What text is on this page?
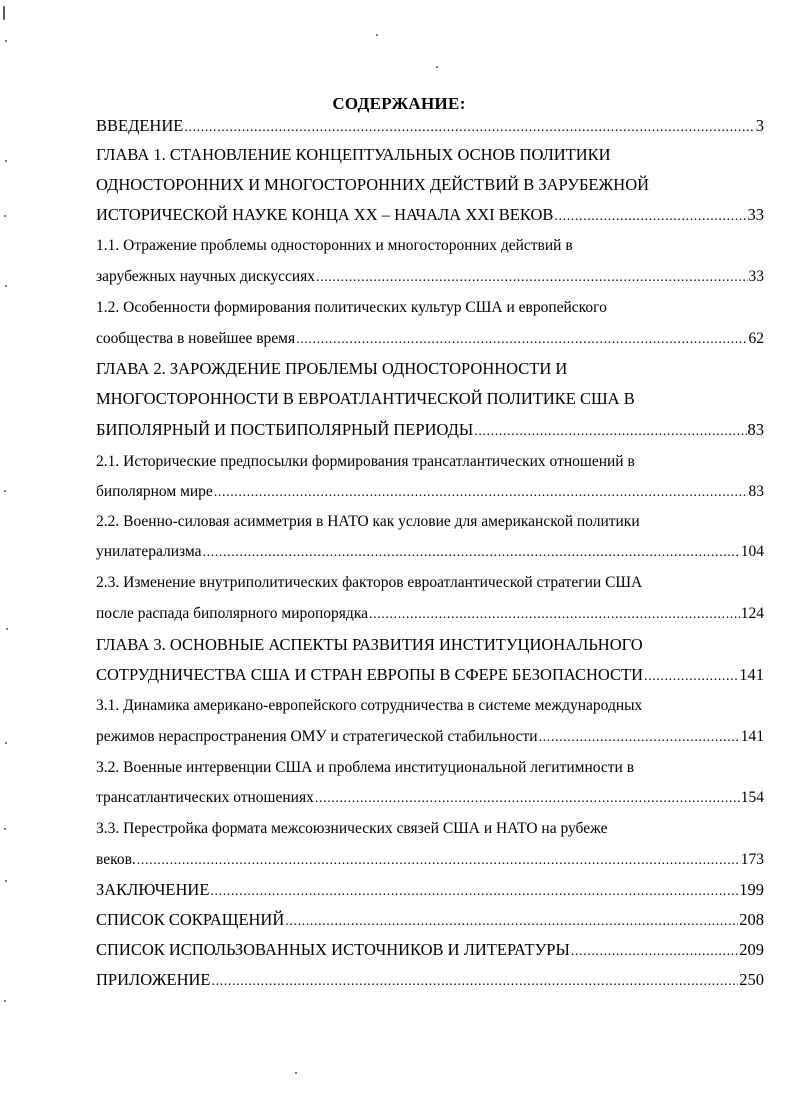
СОДЕРЖАНИЕ:
ВВЕДЕНИЕ .....	3
ГЛАВА 1. СТАНОВЛЕНИЕ КОНЦЕПТУАЛЬНЫХ ОСНОВ ПОЛИТИКИ
ОДНОСТОРОННИХ И МНОГОСТОРОННИХ ДЕЙСТВИЙ В ЗАРУБЕЖНОЙ
ИСТОРИЧЕСКОЙ НАУКЕ КОНЦА XX – НАЧАЛА XXI ВЕКОВ .....	33
1.1. Отражение проблемы односторонних и многосторонних действий в
зарубежных научных дискуссиях .....	33
1.2. Особенности формирования политических культур США и европейского
сообщества в новейшее время .....	62
ГЛАВА 2. ЗАРОЖДЕНИЕ ПРОБЛЕМЫ ОДНОСТОРОННОСТИ И
МНОГОСТОРОННОСТИ В ЕВРОАТЛАНТИЧЕСКОЙ ПОЛИТИКЕ США В
БИПОЛЯРНЫЙ И ПОСТБИПОЛЯРНЫЙ ПЕРИОДЫ .....	83
2.1. Исторические предпосылки формирования трансатлантических отношений в
биполярном мире .....	83
2.2. Военно-силовая асимметрия в НАТО как условие для американской политики
унилатерализма .....	104
2.3. Изменение внутриполитических факторов евроатлантической стратегии США
после распада биполярного миропорядка .....	124
ГЛАВА 3. ОСНОВНЫЕ АСПЕКТЫ РАЗВИТИЯ ИНСТИТУЦИОНАЛЬНОГО
СОТРУДНИЧЕСТВА США И СТРАН ЕВРОПЫ В СФЕРЕ БЕЗОПАСНОСТИ .....	141
3.1. Динамика американо-европейского сотрудничества в системе международных
режимов нераспространения ОМУ и стратегической стабильности .....	141
3.2. Военные интервенции США и проблема институциональной легитимности в
трансатлантических отношениях .....	154
3.3. Перестройка формата межсоюзнических связей США и НАТО на рубеже
веков. .....	173
ЗАКЛЮЧЕНИЕ .....	199
СПИСОК СОКРАЩЕНИЙ .....	208
СПИСОК ИСПОЛЬЗОВАННЫХ ИСТОЧНИКОВ И ЛИТЕРАТУРЫ .....	209
ПРИЛОЖЕНИЕ .....	250
